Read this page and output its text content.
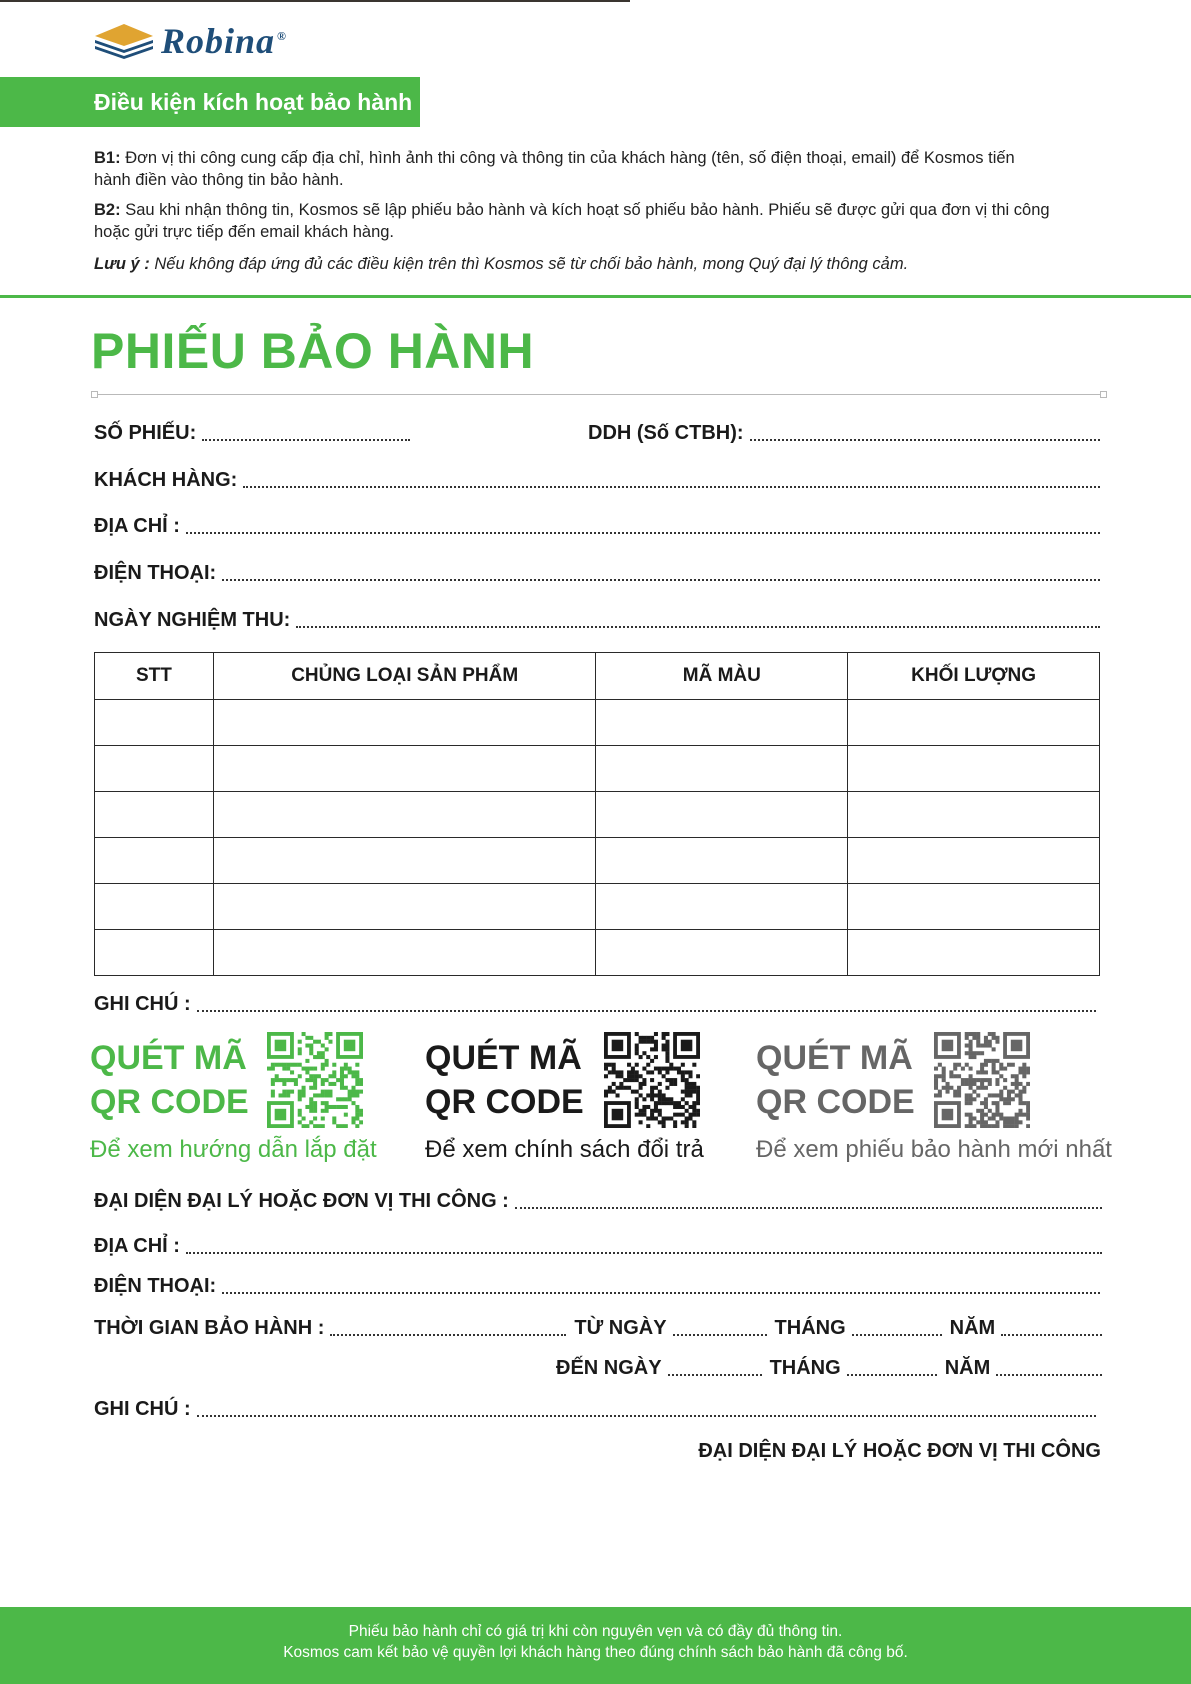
Robina ®
Điều kiện kích hoạt bảo hành
B1: Đơn vị thi công cung cấp địa chỉ, hình ảnh thi công và thông tin của khách hàng (tên, số điện thoại, email) để Kosmos tiến hành điền vào thông tin bảo hành.
B2: Sau khi nhận thông tin, Kosmos sẽ lập phiếu bảo hành và kích hoạt số phiếu bảo hành. Phiếu sẽ được gửi qua đơn vị thi công hoặc gửi trực tiếp đến email khách hàng.
Lưu ý : Nếu không đáp ứng đủ các điều kiện trên thì Kosmos sẽ từ chối bảo hành, mong Quý đại lý thông cảm.
PHIẾU BẢO HÀNH
SỐ PHIẾU:	DDH (Số CTBH):
KHÁCH HÀNG:
ĐỊA CHỈ :
ĐIỆN THOẠI:
NGÀY NGHIỆM THU:
STT	CHỦNG LOẠI SẢN PHẨM	MÃ MÀU	KHỐI LƯỢNG

GHI CHÚ :
QUÉT MÃ
QR CODE
Để xem hướng dẫn lắp đặt
QUÉT MÃ
QR CODE
Để xem chính sách đổi trả
QUÉT MÃ
QR CODE
Để xem phiếu bảo hành mới nhất
ĐẠI DIỆN ĐẠI LÝ HOẶC ĐƠN VỊ THI CÔNG :
ĐỊA CHỈ :
ĐIỆN THOẠI:
THỜI GIAN BẢO HÀNH :	TỪ NGÀY	THÁNG	NĂM
ĐẾN NGÀY	THÁNG	NĂM
GHI CHÚ :
ĐẠI DIỆN ĐẠI LÝ HOẶC ĐƠN VỊ THI CÔNG
Phiếu bảo hành chỉ có giá trị khi còn nguyên vẹn và có đầy đủ thông tin.
Kosmos cam kết bảo vệ quyền lợi khách hàng theo đúng chính sách bảo hành đã công bố.
